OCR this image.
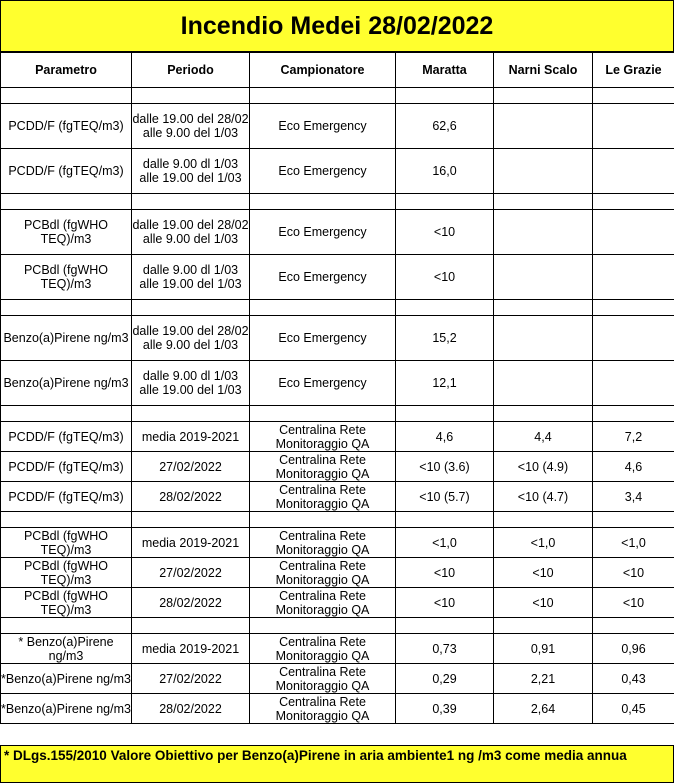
Incendio Medei 28/02/2022
Parametro	Periodo	Campionatore	Maratta	Narni Scalo	Le Grazie

PCDD/F (fgTEQ/m3)	dalle 19.00 del 28/02 alle 9.00 del 1/03	Eco Emergency	62,6		
PCDD/F (fgTEQ/m3)	dalle 9.00 dl 1/03 alle 19.00 del 1/03	Eco Emergency	16,0		

PCBdl (fgWHO TEQ)/m3	dalle 19.00 del 28/02 alle 9.00 del 1/03	Eco Emergency	<10		
PCBdl (fgWHO TEQ)/m3	dalle 9.00 dl 1/03 alle 19.00 del 1/03	Eco Emergency	<10		

Benzo(a)Pirene ng/m3	dalle 19.00 del 28/02 alle 9.00 del 1/03	Eco Emergency	15,2		
Benzo(a)Pirene ng/m3	dalle 9.00 dl 1/03 alle 19.00 del 1/03	Eco Emergency	12,1		

PCDD/F (fgTEQ/m3)	media 2019-2021	Centralina Rete Monitoraggio QA	4,6	4,4	7,2
PCDD/F (fgTEQ/m3)	27/02/2022	Centralina Rete Monitoraggio QA	<10 (3.6)	<10 (4.9)	4,6
PCDD/F (fgTEQ/m3)	28/02/2022	Centralina Rete Monitoraggio QA	<10 (5.7)	<10 (4.7)	3,4

PCBdl (fgWHO TEQ)/m3	media 2019-2021	Centralina Rete Monitoraggio QA	<1,0	<1,0	<1,0
PCBdl (fgWHO TEQ)/m3	27/02/2022	Centralina Rete Monitoraggio QA	<10	<10	<10
PCBdl (fgWHO TEQ)/m3	28/02/2022	Centralina Rete Monitoraggio QA	<10	<10	<10

* Benzo(a)Pirene ng/m3	media 2019-2021	Centralina Rete Monitoraggio QA	0,73	0,91	0,96
*Benzo(a)Pirene ng/m3	27/02/2022	Centralina Rete Monitoraggio QA	0,29	2,21	0,43
*Benzo(a)Pirene ng/m3	28/02/2022	Centralina Rete Monitoraggio QA	0,39	2,64	0,45
* DLgs.155/2010 Valore Obiettivo per Benzo(a)Pirene in aria ambiente1 ng /m3 come media annua
